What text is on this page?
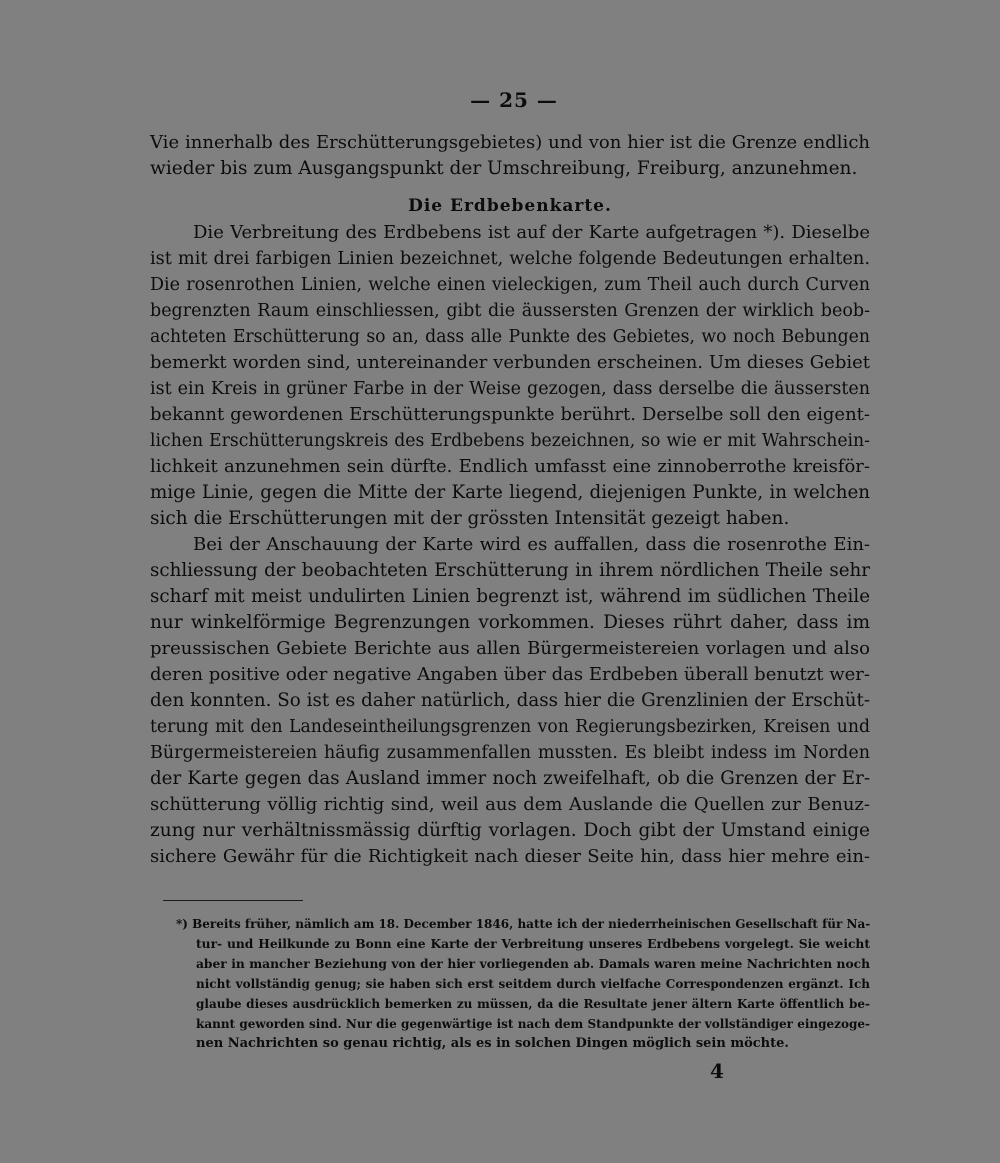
— 25 —
Vie innerhalb des Erschütterungsgebietes) und von hier ist die Grenze endlich
wieder bis zum Ausgangspunkt der Umschreibung, Freiburg, anzunehmen.
Die Erdbebenkarte.
Die Verbreitung des Erdbebens ist auf der Karte aufgetragen *). Dieselbe
ist mit drei farbigen Linien bezeichnet, welche folgende Bedeutungen erhalten.
Die rosenrothen Linien, welche einen vieleckigen, zum Theil auch durch Curven
begrenzten Raum einschliessen, gibt die äussersten Grenzen der wirklich beob-
achteten Erschütterung so an, dass alle Punkte des Gebietes, wo noch Bebungen
bemerkt worden sind, untereinander verbunden erscheinen. Um dieses Gebiet
ist ein Kreis in grüner Farbe in der Weise gezogen, dass derselbe die äussersten
bekannt gewordenen Erschütterungspunkte berührt. Derselbe soll den eigent-
lichen Erschütterungskreis des Erdbebens bezeichnen, so wie er mit Wahrschein-
lichkeit anzunehmen sein dürfte. Endlich umfasst eine zinnoberrothe kreisför-
mige Linie, gegen die Mitte der Karte liegend, diejenigen Punkte, in welchen
sich die Erschütterungen mit der grössten Intensität gezeigt haben.
Bei der Anschauung der Karte wird es auffallen, dass die rosenrothe Ein-
schliessung der beobachteten Erschütterung in ihrem nördlichen Theile sehr
scharf mit meist undulirten Linien begrenzt ist, während im südlichen Theile
nur winkelförmige Begrenzungen vorkommen. Dieses rührt daher, dass im
preussischen Gebiete Berichte aus allen Bürgermeistereien vorlagen und also
deren positive oder negative Angaben über das Erdbeben überall benutzt wer-
den konnten. So ist es daher natürlich, dass hier die Grenzlinien der Erschüt-
terung mit den Landeseintheilungsgrenzen von Regierungsbezirken, Kreisen und
Bürgermeistereien häufig zusammenfallen mussten. Es bleibt indess im Norden
der Karte gegen das Ausland immer noch zweifelhaft, ob die Grenzen der Er-
schütterung völlig richtig sind, weil aus dem Auslande die Quellen zur Benuz-
zung nur verhältnissmässig dürftig vorlagen. Doch gibt der Umstand einige
sichere Gewähr für die Richtigkeit nach dieser Seite hin, dass hier mehre ein-
*) Bereits früher, nämlich am 18. December 1846, hatte ich der niederrheinischen Gesellschaft für Na-
tur- und Heilkunde zu Bonn eine Karte der Verbreitung unseres Erdbebens vorgelegt. Sie weicht
aber in mancher Beziehung von der hier vorliegenden ab. Damals waren meine Nachrichten noch
nicht vollständig genug; sie haben sich erst seitdem durch vielfache Correspondenzen ergänzt. Ich
glaube dieses ausdrücklich bemerken zu müssen, da die Resultate jener ältern Karte öffentlich be-
kannt geworden sind. Nur die gegenwärtige ist nach dem Standpunkte der vollständiger eingezoge-
nen Nachrichten so genau richtig, als es in solchen Dingen möglich sein möchte.
4
